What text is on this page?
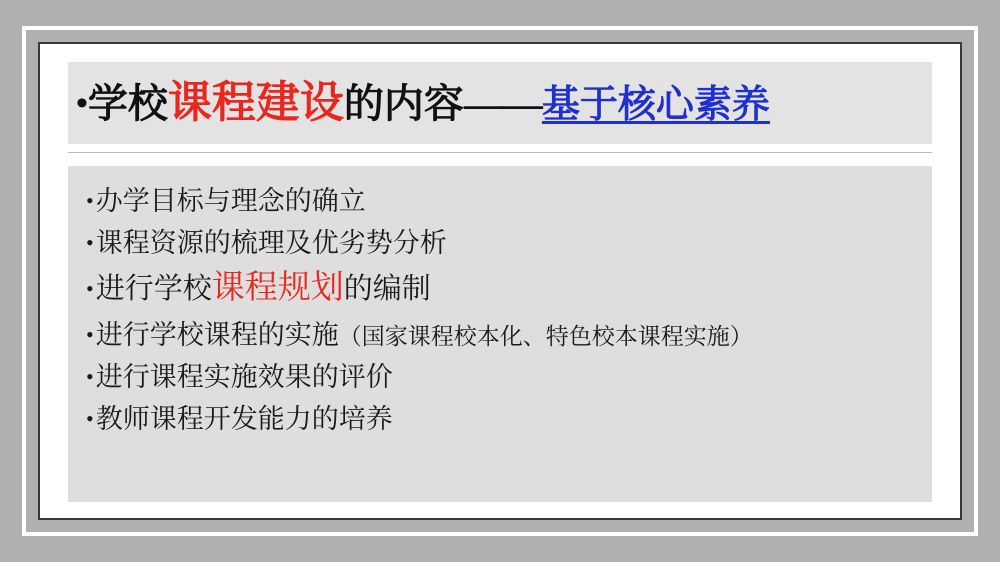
•学校课程建设的内容——基于核心素养
•办学目标与理念的确立
•课程资源的梳理及优劣势分析
•进行学校课程规划的编制
•进行学校课程的实施（国家课程校本化、特色校本课程实施）
•进行课程实施效果的评价
•教师课程开发能力的培养
